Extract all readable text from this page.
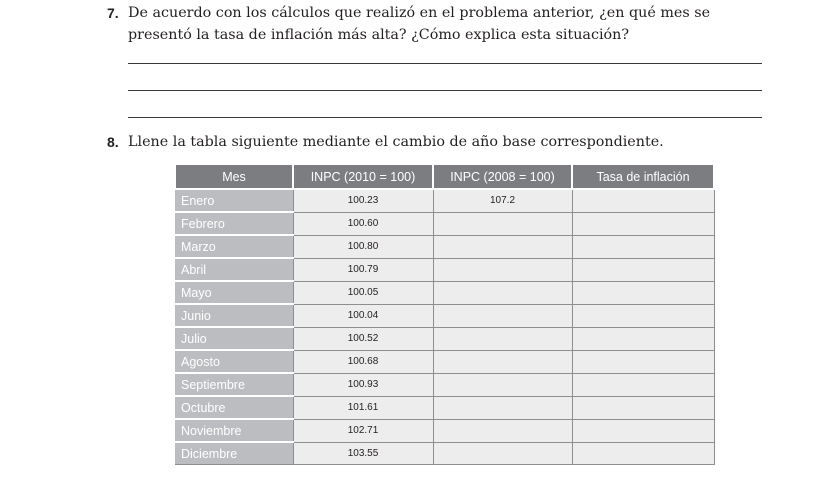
7. De acuerdo con los cálculos que realizó en el problema anterior, ¿en qué mes se presentó la tasa de inflación más alta? ¿Cómo explica esta situación?
8. Llene la tabla siguiente mediante el cambio de año base correspondiente.
Mes	INPC (2010 = 100)	INPC (2008 = 100)	Tasa de inflación
Enero	100.23	107.2	
Febrero	100.60		
Marzo	100.80		
Abril	100.79		
Mayo	100.05		
Junio	100.04		
Julio	100.52		
Agosto	100.68		
Septiembre	100.93		
Octubre	101.61		
Noviembre	102.71		
Diciembre	103.55		
